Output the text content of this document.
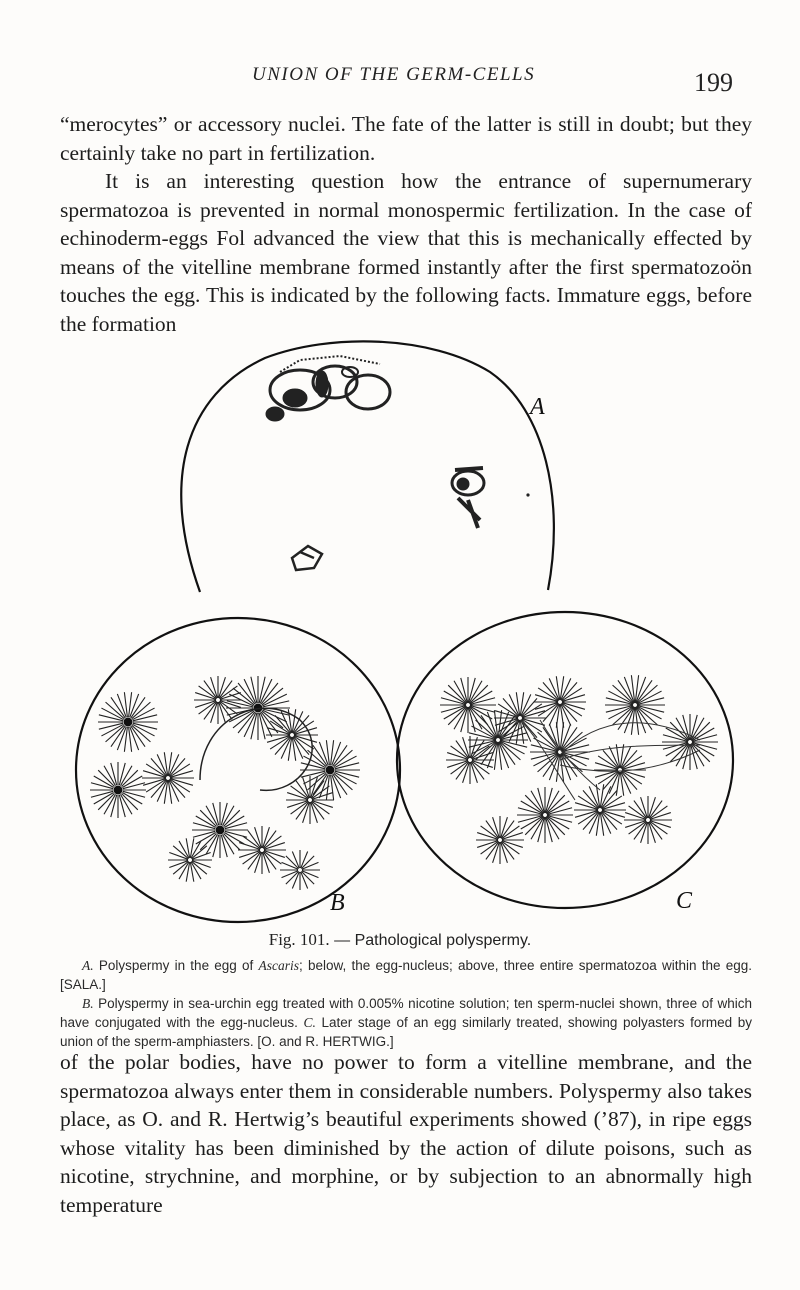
UNION OF THE GERM-CELLS	199

“merocytes” or accessory nuclei. The fate of the latter is still in doubt; but they certainly take no part in fertilization.

It is an interesting question how the entrance of supernumerary spermatozoa is prevented in normal monospermic fertilization. In the case of echinoderm-eggs Fol advanced the view that this is mechanically effected by means of the vitelline membrane formed instantly after the first spermatozoön touches the egg. This is indicated by the following facts. Immature eggs, before the formation

A
B	C
Fig. 101. — Pathological polyspermy.

A. Polyspermy in the egg of Ascaris; below, the egg-nucleus; above, three entire spermatozoa within the egg. [SALA.]

B. Polyspermy in sea-urchin egg treated with 0.005% nicotine solution; ten sperm-nuclei shown, three of which have conjugated with the egg-nucleus. C. Later stage of an egg similarly treated, showing polyasters formed by union of the sperm-amphiasters. [O. and R. HERTWIG.]

of the polar bodies, have no power to form a vitelline membrane, and the spermatozoa always enter them in considerable numbers. Polyspermy also takes place, as O. and R. Hertwig’s beautiful experiments showed (’87), in ripe eggs whose vitality has been diminished by the action of dilute poisons, such as nicotine, strychnine, and morphine, or by subjection to an abnormally high temperature
